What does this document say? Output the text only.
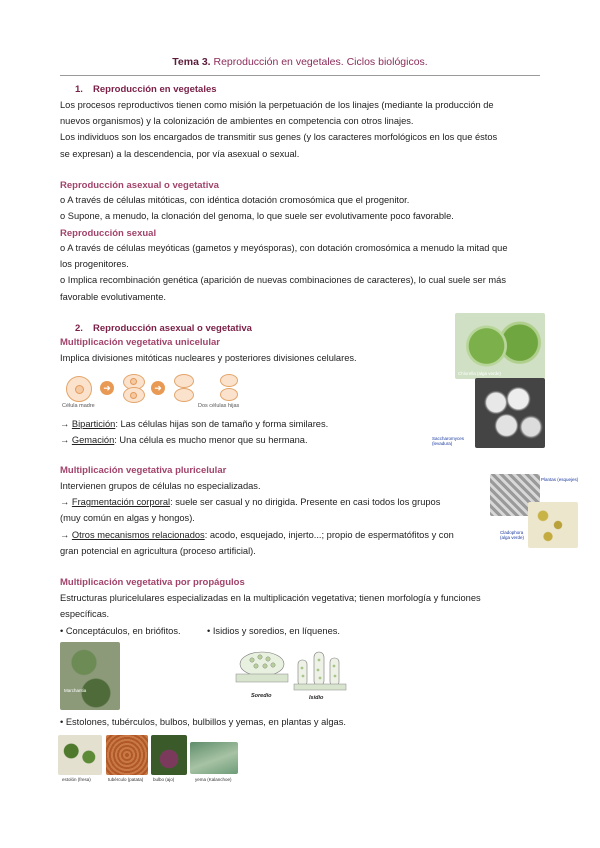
Tema 3. Reproducción en vegetales. Ciclos biológicos.
1. Reproducción en vegetales
Los procesos reproductivos tienen como misión la perpetuación de los linajes (mediante la producción de
nuevos organismos) y la colonización de ambientes en competencia con otros linajes.
Los individuos son los encargados de transmitir sus genes (y los caracteres morfológicos en los que éstos
se expresan) a la descendencia, por vía asexual o sexual.
Reproducción asexual o vegetativa
o A través de células mitóticas, con idéntica dotación cromosómica que el progenitor.
o Supone, a menudo, la clonación del genoma, lo que suele ser evolutivamente poco favorable.
Reproducción sexual
o A través de células meyóticas (gametos y meyósporas), con dotación cromosómica a menudo la mitad que
los progenitores.
o Implica recombinación genética (aparición de nuevas combinaciones de caracteres), lo cual suele ser más
favorable evolutivamente.
2. Reproducción asexual o vegetativa
Multiplicación vegetativa unicelular
Implica divisiones mitóticas nucleares y posteriores divisiones celulares.
➜	➜
Célula madre	Dos células hijas
→ Bipartición: Las células hijas son de tamaño y forma similares.
→ Gemación: Una célula es mucho menor que su hermana.
Chlorella (alga verde)
Saccharomyces (levadura)
Multiplicación vegetativa pluricelular
Intervienen grupos de células no especializadas.
→ Fragmentación corporal: suele ser casual y no dirigida. Presente en casi todos los grupos
(muy común en algas y hongos).
→ Otros mecanismos relacionados: acodo, esquejado, injerto...; propio de espermatófitos y con
gran potencial en agricultura (proceso artificial).
Plantas (esquejes)
Cladophora (alga verde)
Multiplicación vegetativa por propágulos
Estructuras pluricelulares especializadas en la multiplicación vegetativa; tienen morfología y funciones
específicas.
• Conceptáculos, en briófitos.	• Isidios y soredios, en líquenes.
Marchantia
Soredio	Isidio
• Estolones, tubérculos, bulbos, bulbillos y yemas, en plantas y algas.
estolón (fresa)	tubérculo (patata) bulbo (ajo)	yema (Kalanchoe)
